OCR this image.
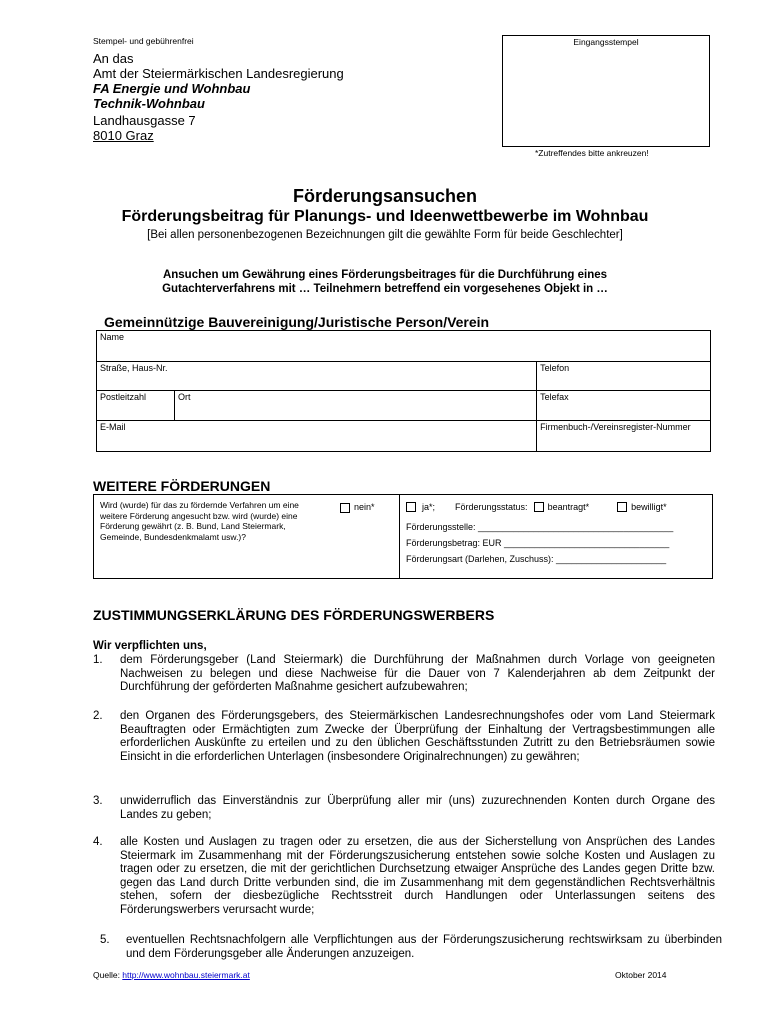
Stempel- und gebührenfrei
An das
Amt der Steiermärkischen Landesregierung
FA Energie und Wohnbau
Technik-Wohnbau
Landhausgasse 7
8010 Graz
Eingangsstempel
*Zutreffendes bitte ankreuzen!
Förderungsansuchen
Förderungsbeitrag für Planungs- und Ideenwettbewerbe im Wohnbau
[Bei allen personenbezogenen Bezeichnungen gilt die gewählte Form für beide Geschlechter]
Ansuchen um Gewährung eines Förderungsbeitrages für die Durchführung eines
Gutachterverfahrens mit … Teilnehmern betreffend ein vorgesehenes Objekt in …
Gemeinnützige Bauvereinigung/Juristische Person/Verein
Name		
Straße, Haus-Nr.		Telefon
Postleitzahl	Ort	Telefax
E-Mail		Firmenbuch-/Vereinsregister-Nummer
WEITERE FÖRDERUNGEN
Wird (wurde) für das zu fördernde Verfahren um eine weitere Förderung angesucht bzw. wird (wurde) eine Förderung gewährt (z. B. Bund, Land Steiermark, Gemeinde, Bundesdenkmalamt usw.)?
nein*	ja*; Förderungsstatus: beantragt*	bewilligt*
Förderungsstelle: _______________________________________
Förderungsbetrag: EUR _________________________________
Förderungsart (Darlehen, Zuschuss): ______________________
ZUSTIMMUNGSERKLÄRUNG DES FÖRDERUNGSWERBERS
Wir verpflichten uns,
1. dem Förderungsgeber (Land Steiermark) die Durchführung der Maßnahmen durch Vorlage von geeigneten Nachweisen zu belegen und diese Nachweise für die Dauer von 7 Kalenderjahren ab dem Zeitpunkt der Durchführung der geförderten Maßnahme gesichert aufzubewahren;
2. den Organen des Förderungsgebers, des Steiermärkischen Landesrechnungshofes oder vom Land Steiermark Beauftragten oder Ermächtigten zum Zwecke der Überprüfung der Einhaltung der Vertragsbestimmungen alle erforderlichen Auskünfte zu erteilen und zu den üblichen Geschäftsstunden Zutritt zu den Betriebsräumen sowie Einsicht in die erforderlichen Unterlagen (insbesondere Originalrechnungen) zu gewähren;
3. unwiderruflich das Einverständnis zur Überprüfung aller mir (uns) zuzurechnenden Konten durch Organe des Landes zu geben;
4. alle Kosten und Auslagen zu tragen oder zu ersetzen, die aus der Sicherstellung von Ansprüchen des Landes Steiermark im Zusammenhang mit der Förderungszusicherung entstehen sowie solche Kosten und Auslagen zu tragen oder zu ersetzen, die mit der gerichtlichen Durchsetzung etwaiger Ansprüche des Landes gegen Dritte bzw. gegen das Land durch Dritte verbunden sind, die im Zusammenhang mit dem gegenständlichen Rechtsverhältnis stehen, sofern der diesbezügliche Rechtsstreit durch Handlungen oder Unterlassungen seitens des Förderungswerbers verursacht wurde;
5. eventuellen Rechtsnachfolgern alle Verpflichtungen aus der Förderungszusicherung rechtswirksam zu überbinden und dem Förderungsgeber alle Änderungen anzuzeigen.
Quelle: http://www.wohnbau.steiermark.at	Oktober 2014
